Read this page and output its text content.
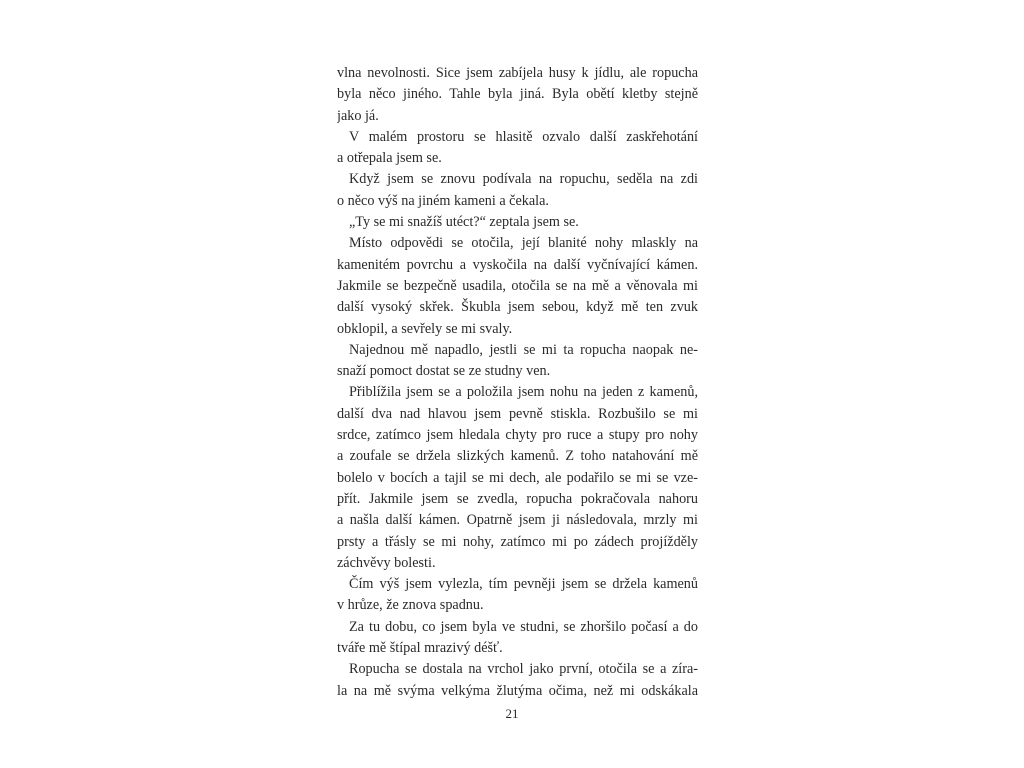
vlna nevolnosti. Sice jsem zabíjela husy k jídlu, ale ropucha
byla něco jiného. Tahle byla jiná. Byla obětí kletby stejně
jako já.
V malém prostoru se hlasitě ozvalo další zaskřehotání
a otřepala jsem se.
Když jsem se znovu podívala na ropuchu, seděla na zdi
o něco výš na jiném kameni a čekala.
„Ty se mi snažíš utéct?“ zeptala jsem se.
Místo odpovědi se otočila, její blanité nohy mlaskly na
kamenitém povrchu a vyskočila na další vyčnívající kámen.
Jakmile se bezpečně usadila, otočila se na mě a věnovala mi
další vysoký skřek. Škubla jsem sebou, když mě ten zvuk
obklopil, a sevřely se mi svaly.
Najednou mě napadlo, jestli se mi ta ropucha naopak ne-
snaží pomoct dostat se ze studny ven.
Přiblížila jsem se a položila jsem nohu na jeden z kamenů,
další dva nad hlavou jsem pevně stiskla. Rozbušilo se mi
srdce, zatímco jsem hledala chyty pro ruce a stupy pro nohy
a zoufale se držela slizkých kamenů. Z toho natahování mě
bolelo v bocích a tajil se mi dech, ale podařilo se mi se vze-
přít. Jakmile jsem se zvedla, ropucha pokračovala nahoru
a našla další kámen. Opatrně jsem ji následovala, mrzly mi
prsty a třásly se mi nohy, zatímco mi po zádech projížděly
záchvěvy bolesti.
Čím výš jsem vylezla, tím pevněji jsem se držela kamenů
v hrůze, že znova spadnu.
Za tu dobu, co jsem byla ve studni, se zhoršilo počasí a do
tváře mě štípal mrazivý déšť.
Ropucha se dostala na vrchol jako první, otočila se a zíra-
la na mě svýma velkýma žlutýma očima, než mi odskákala
21
